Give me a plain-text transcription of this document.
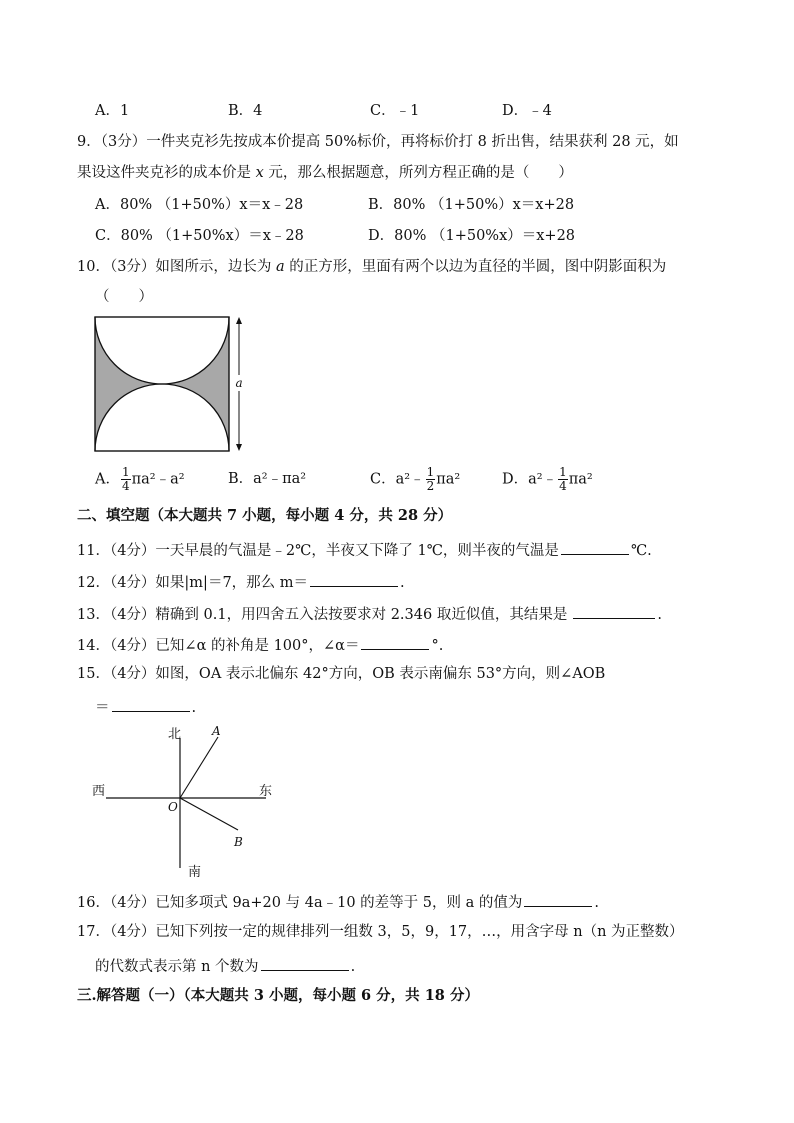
A．1	B．4	C．﹣1	D．﹣4
9．（3分）一件夹克衫先按成本价提高 50%标价，再将标价打 8 折出售，结果获利 28 元，如
果设这件夹克衫的成本价是 x 元，那么根据题意，所列方程正确的是（　　）
A．80% （1+50%）x＝x﹣28	B．80% （1+50%）x＝x+28
C．80% （1+50%x）＝x﹣28	D．80% （1+50%x）＝x+28
10．（3分）如图所示，边长为 a 的正方形，里面有两个以边为直径的半圆，图中阴影面积为
（　　）
a
A． $\frac{1}{4}$ πa²﹣a²	B．a²﹣πa²	C．a²﹣ $\frac{1}{2} \pi a^2$	D．a²﹣ $\frac{1}{4} \pi a^2$
二、填空题（本大题共 7 小题，每小题 4 分，共 28 分）
11．（4分）一天早晨的气温是﹣2℃，半夜又下降了 1℃，则半夜的气温是	℃.
12．（4分）如果|m|＝7，那么 m＝	.
13．（4分）精确到 0.1，用四舍五入法按要求对 2.346 取近似值，其结果是	.
14．（4分）已知∠α 的补角是 100°，∠α＝	°.
15．（4分）如图，OA 表示北偏东 42°方向，OB 表示南偏东 53°方向，则∠AOB
＝	.
北
南
西	东
O
A
B
16．（4分）已知多项式 9a+20 与 4a﹣10 的差等于 5，则 a 的值为	.
17．（4分）已知下列按一定的规律排列一组数 3，5，9，17，…，用含字母 n（n 为正整数）
的代数式表示第 n 个数为	.
三.解答题（一）（本大题共 3 小题，每小题 6 分，共 18 分）
